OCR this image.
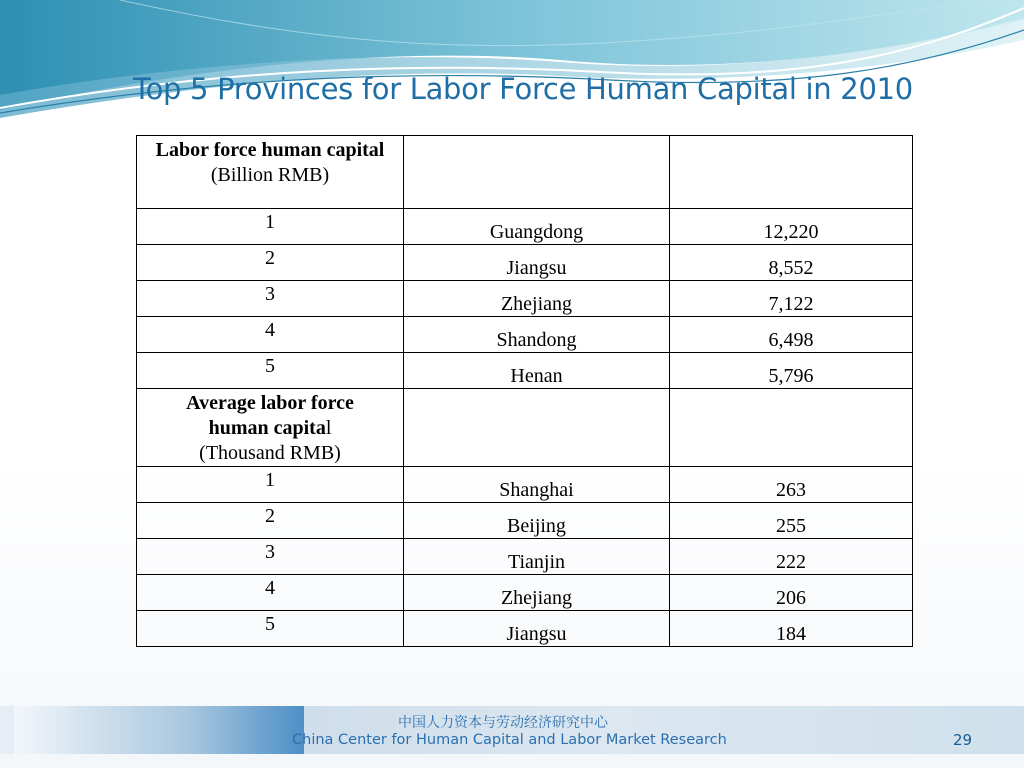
Top 5 Provinces for Labor Force Human Capital in 2010
Labor force human capital (Billion RMB)		

1	Guangdong	12,220
2	Jiangsu	8,552
3	Zhejiang	7,122
4	Shandong	6,498
5	Henan	5,796

Average labor force
human capital
(Thousand RMB)		

1	Shanghai	263
2	Beijing	255
3	Tianjin	222
4	Zhejiang	206
5	Jiangsu	184
中国人力资本与劳动经济研究中心
China Center for Human Capital and Labor Market Research	29
